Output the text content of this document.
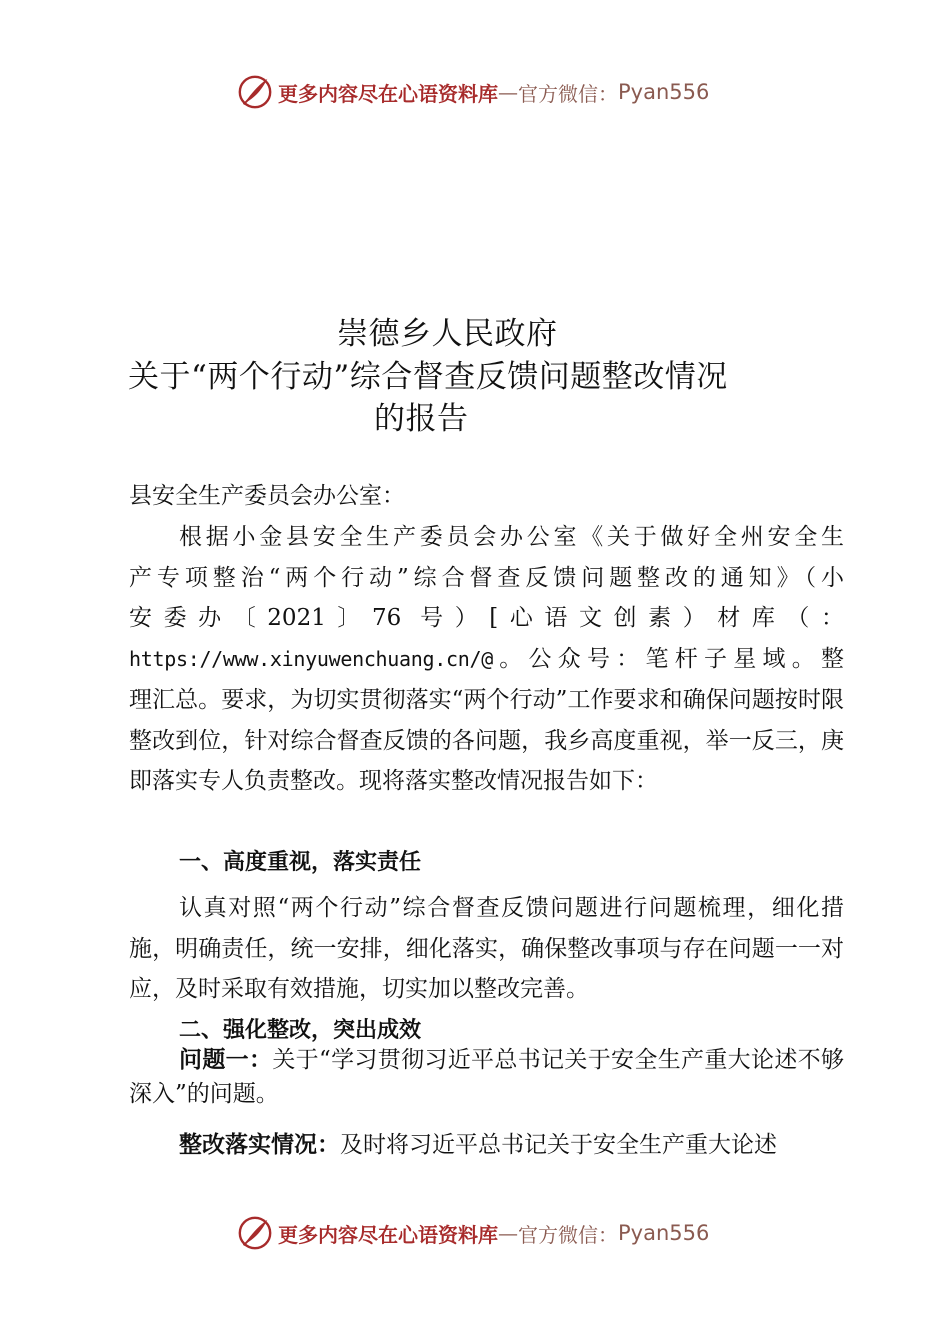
更多内容尽在心语资料库 — 官方微信： Pyan556
崇德乡人民政府
关于“两个行动”综合督查反馈问题整改情况
的报告

县安全生产委员会办公室：

根据小金县安全生产委员会办公室《关于做好全州安全生
产专项整治“两个行动”综合督查反馈问题整改的通知》（小
安委办〔2021〕76 号）[心语文创素）材库（：
https://www.xinyuwenchuang.cn/@。公众号：笔杆子星域。整
理汇总。要求，为切实贯彻落实“两个行动”工作要求和确保问题按时限整改到位，针对综合督查反馈的各问题，我乡高度重视，举一反三，庚即落实专人负责整改。现将落实整改情况报告如下：

一、高度重视，落实责任

认真对照“两个行动”综合督查反馈问题进行问题梳理，细化措施，明确责任，统一安排，细化落实，确保整改事项与存在问题一一对应，及时采取有效措施，切实加以整改完善。

二、强化整改，突出成效

问题一：关于“学习贯彻习近平总书记关于安全生产重大论述不够深入”的问题。

整改落实情况：及时将习近平总书记关于安全生产重大论述

更多内容尽在心语资料库 — 官方微信： Pyan556
